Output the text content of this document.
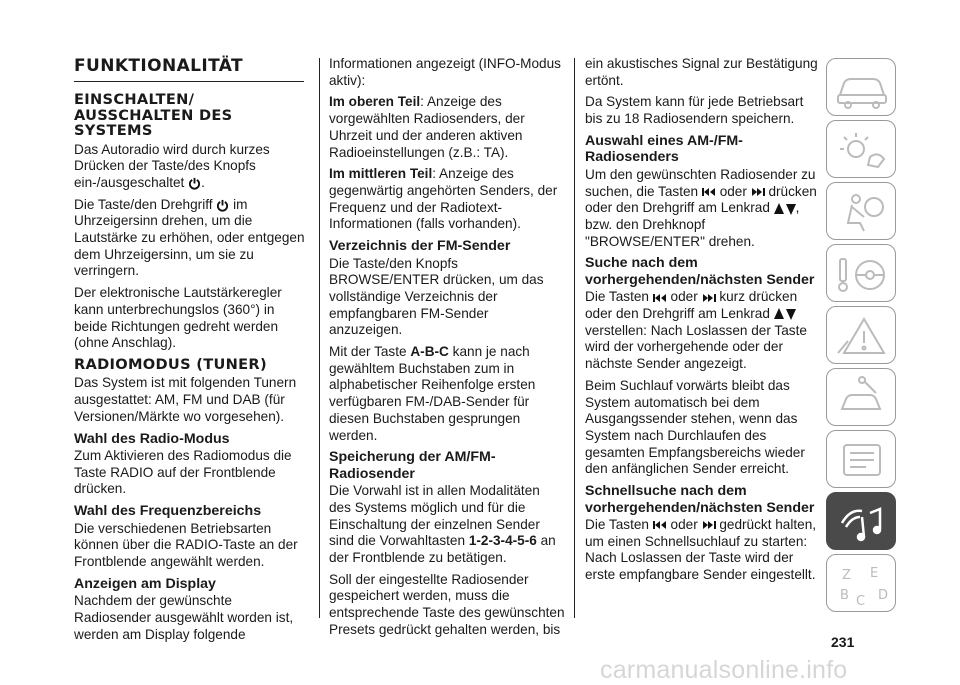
FUNKTIONALITÄT
EINSCHALTEN/ AUSSCHALTEN DES SYSTEMS

Das Autoradio wird durch kurzes Drücken der Taste/des Knopfs ein-/ausgeschaltet .

Die Taste/den Drehgriff im Uhrzeigersinn drehen, um die Lautstärke zu erhöhen, oder entgegen dem Uhrzeigersinn, um sie zu verringern.

Der elektronische Lautstärkeregler kann unterbrechungslos (360°) in beide Richtungen gedreht werden (ohne Anschlag).

RADIOMODUS (TUNER)

Das System ist mit folgenden Tunern ausgestattet: AM, FM und DAB (für Versionen/Märkte wo vorgesehen).

Wahl des Radio-Modus

Zum Aktivieren des Radiomodus die Taste RADIO auf der Frontblende drücken.

Wahl des Frequenzbereichs

Die verschiedenen Betriebsarten können über die RADIO-Taste an der Frontblende angewählt werden.

Anzeigen am Display

Nachdem der gewünschte Radiosender ausgewählt worden ist, werden am Display folgende

Informationen angezeigt (INFO-Modus aktiv):

Im oberen Teil: Anzeige des vorgewählten Radiosenders, der Uhrzeit und der anderen aktiven Radioeinstellungen (z.B.: TA).

Im mittleren Teil: Anzeige des gegenwärtig angehörten Senders, der Frequenz und der Radiotext-Informationen (falls vorhanden).

Verzeichnis der FM-Sender

Die Taste/den Knopfs BROWSE/ENTER drücken, um das vollständige Verzeichnis der empfangbaren FM-Sender anzuzeigen.

Mit der Taste A-B-C kann je nach gewähltem Buchstaben zum in alphabetischer Reihenfolge ersten verfügbaren FM-/DAB-Sender für diesen Buchstaben gesprungen werden.

Speicherung der AM/FM-Radiosender

Die Vorwahl ist in allen Modalitäten des Systems möglich und für die Einschaltung der einzelnen Sender sind die Vorwahltasten 1-2-3-4-5-6 an der Frontblende zu betätigen.

Soll der eingestellte Radiosender gespeichert werden, muss die entsprechende Taste des gewünschten Presets gedrückt gehalten werden, bis

ein akustisches Signal zur Bestätigung ertönt.

Da System kann für jede Betriebsart bis zu 18 Radiosendern speichern.

Auswahl eines AM-/FM-Radiosenders

Um den gewünschten Radiosender zu suchen, die Tasten oder drücken oder den Drehgriff am Lenkrad , bzw. den Drehknopf "BROWSE/ENTER" drehen.

Suche nach dem vorhergehenden/nächsten Sender

Die Tasten oder kurz drücken oder den Drehgriff am Lenkrad  verstellen: Nach Loslassen der Taste wird der vorhergehende oder der nächste Sender angezeigt.

Beim Suchlauf vorwärts bleibt das System automatisch bei dem Ausgangssender stehen, wenn das System nach Durchlaufen des gesamten Empfangsbereichs wieder den anfänglichen Sender erreicht.

Schnellsuche nach dem vorhergehenden/nächsten Sender

Die Tasten oder gedrückt halten, um einen Schnellsuchlauf zu starten: Nach Loslassen der Taste wird der erste empfangbare Sender eingestellt.	Z E
B C D
231
carmanualsonline.info
